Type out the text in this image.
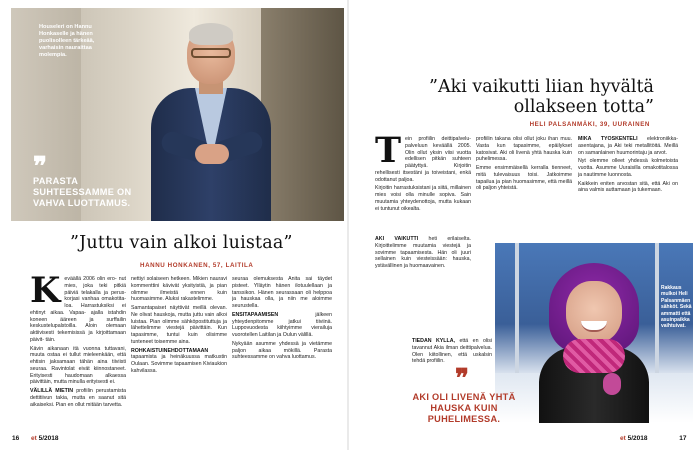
Houseleri on Hannu Honkaselle ja hänen puolisolleen tärkeää, varhaisin nauraittaa molempia.
❞
PARASTA SUHTEESSAMME ON VAHVA LUOTTAMUS.
”Juttu vain alkoi luistaa”
HANNU HONKANEN, 57, LAITILA

Keväällä 2006 olin ero- nut mies, joka teki pitkiä päiviä telakalla ja perus- korjasi vanhaa omakotita- loa. Harrastuksiksi ei ehtinyt aikaa. Vapaa- ajalla istahdin koneen ääreen ja surffailin keskustelupalstoilla. Aloin olemaan aktiivisesti tekemisissä ja kirjoittamaan päivit- täin.

Kävin aikanaan itä vuonna tuttavani, muuta ostaa ei tullut mieleenkään, että ehtisin jaksamaan tähän aina tiiviisti seuraa. Ravintolat eivät kiinnostaneet. Erityisesti ​haudomaan alkaessa päivittäin, mutta minulla erityisesti ei.

VÄLILLÄ MIETIN profiilin perustamista dettitiivun takia, mutta en saanut sitä aikaiseksi. Pian en ollut mitään tarvetta.

nettiyi solaiseen hetkeen. Mikien nauravi kommenttini kävivät yksityistiä, ja pian olimme ilmeistä ennen kuin huomasimme. Aluksi rakastelimme.

Samantapaiset näyttivät meillä olevan. Ne olivat hauskoja, mutta juttu vain alkoi luistaa. Pian olimme sähköpostituttuja ja lähettelimme viestejä päivittäin. Kun tapasimme, tuntui kuin olisimme tunteneet toisemme aina.

ROHKAISTUINEHDOTTAMAAN tapaamista ja heinäkuussa matkustin Oulaan. Sovimme tapaamisen Kiviaukion kahvilassa.

seuraa olemuksesta Anita sai täydet pisteet. Ylläytin hänen ilotuulellaan ja tanssikon. Hänen seurassaan oli helppoa ja hauskaa olla, ja niin me aloimme seurustella.

ENSITAPAAMISEN	jälkeen yhteydenpitomme jatkui tiiviinä. Luppovuodesta kiihtyimme vierailuja vuorotellen Laitilan ja Oulun välillä.

Nykyään asumme yhdessä ja vietämme paljon aikaa mökillä. Parasta suhteessamme on vahva luottamus.

16 et 5/2018
”Aki vaikutti liian hyvältä ollakseen totta”
HELI PALSANMÄKI, 39, UURAINEN

Tein profiilin deittipalvelu- palveluun keväällä 2005. Olin ollut yksin viisi vuotta edellisen pitkän suhteen päätyttyä. Kirjoitin rehellisesti itsestäni ja toiveistani, enkä odottanut paljoa.

Kirjoitin harrastuksistani ja siitä, millainen mies voisi olla minulle sopiva. Sain muutamia yhteydenottoja, mutta kukaan ei tuntunut oikealta.

AKI VAIKUTTI heti erilaiselta. Kirjoittelimme muutamia viestejä ja sovimme tapaamisesta. Hän oli juuri sellainen kuin viesteissään: hauska, ystävällinen ja huomaavainen.

profiilin takana olisi ollut joku ihan muu. Vasta kun tapasimme, epäilykset katosivat. Aki oli livenä yhtä hauska kuin puhelimessa.

Emme ensimmäisellä kerralla tienneet, mitä tulevaisuus toisi. Jatkoimme tapailua ja pian huomasimme, että meillä oli paljon yhteistä.

TIEDÄN KYLLÄ, että en olisi tavannut Akia ilman deittipalvelua. Olen kiitollinen, että uskalsin tehdä profiilin.

MIKÄ TYÖSKENTELI elektroniikka-asentajana, ja Aki teki metallitöitä. Meillä on samanlainen huumorintaju ja arvot.

Nyt olemme olleet yhdessä kolmetoista vuotta. Asumme Uuraisilla omakotitalossa ja nautimme luonnosta.

Kaikkein eniten arvostan sitä, että Aki on aina valmis auttamaan ja tukemaan.

Rakkaus mulkoi Heli Palsanmäen sähköt. Sekä ammatti että asuinpaikka vaihtuivat.
❞
AKI OLI LIVENÄ YHTÄ HAUSKA KUIN PUHELIMESSA.
et 5/2018	17
